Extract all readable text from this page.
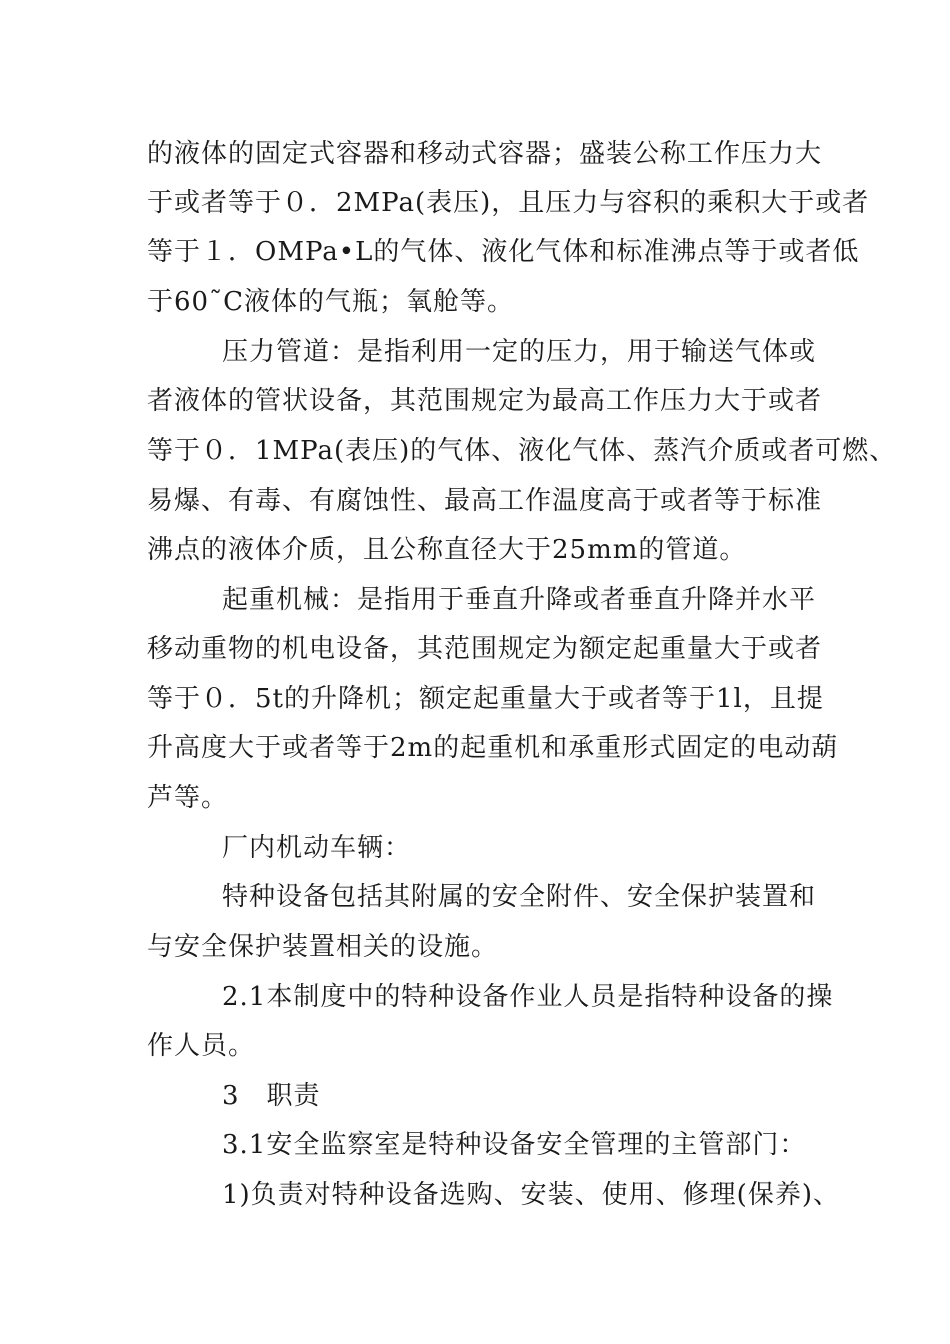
的液体的固定式容器和移动式容器；盛装公称工作压力大
于或者等于０．2MPa(表压)，且压力与容积的乘积大于或者
等于１．OMPa•L的气体、液化气体和标准沸点等于或者低
于60˜C液体的气瓶；氧舱等。
压力管道：是指利用一定的压力，用于输送气体或
者液体的管状设备，其范围规定为最高工作压力大于或者
等于０．1MPa(表压)的气体、液化气体、蒸汽介质或者可燃、
易爆、有毒、有腐蚀性、最高工作温度高于或者等于标准
沸点的液体介质，且公称直径大于25mm的管道。
起重机械：是指用于垂直升降或者垂直升降并水平
移动重物的机电设备，其范围规定为额定起重量大于或者
等于０．5t的升降机；额定起重量大于或者等于1l，且提
升高度大于或者等于2m的起重机和承重形式固定的电动葫
芦等。
厂内机动车辆：
特种设备包括其附属的安全附件、安全保护装置和
与安全保护装置相关的设施。
2.1本制度中的特种设备作业人员是指特种设备的操
作人员。
3　职责
3.1安全监察室是特种设备安全管理的主管部门：
1)负责对特种设备选购、安装、使用、修理(保养)、
